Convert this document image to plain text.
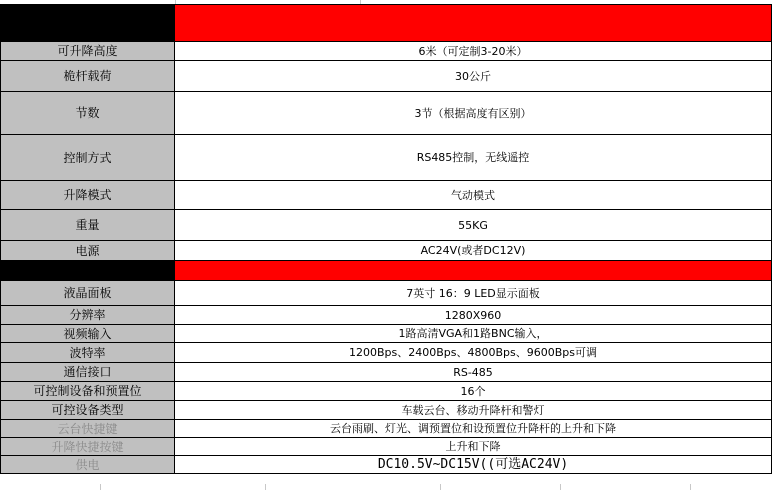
可升降高度	6米（可定制3-20米）
桅杆载荷	30公斤
节数	3节（根据高度有区别）
控制方式	RS485控制，无线遥控
升降模式	气动模式
重量	55KG
电源	AC24V(或者DC12V)
液晶面板	7英寸 16：9 LED显示面板
分辨率	1280X960
视频输入	1路高清VGA和1路BNC输入，
波特率	1200Bps、2400Bps、4800Bps、9600Bps可调
通信接口	RS-485
可控制设备和预置位	16个
可控设备类型	车载云台、移动升降杆和警灯
云台快捷键	云台雨刷、灯光、调预置位和设预置位升降杆的上升和下降
升降快捷按键	上升和下降
供电	DC10.5V~DC15V((可选AC24V)
